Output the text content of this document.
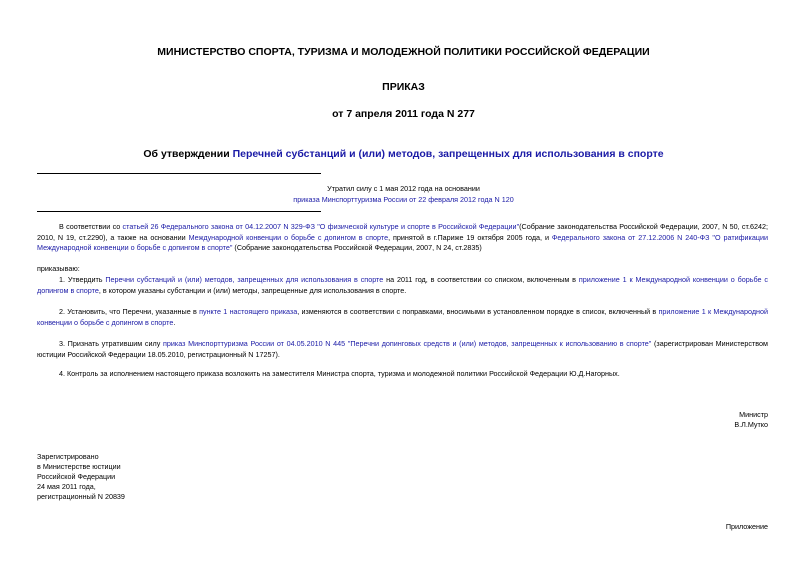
МИНИСТЕРСТВО СПОРТА, ТУРИЗМА И МОЛОДЕЖНОЙ ПОЛИТИКИ РОССИЙСКОЙ ФЕДЕРАЦИИ
ПРИКАЗ
от 7 апреля 2011 года N 277
Об утверждении Перечней субстанций и (или) методов, запрещенных для использования в спорте
Утратил силу с 1 мая 2012 года на основании
приказа Минспорттуризма России от 22 февраля 2012 года N 120
В соответствии со статьей 26 Федерального закона от 04.12.2007 N 329-ФЗ "О физической культуре и спорте в Российской Федерации"(Собрание законодательства Российской Федерации, 2007, N 50, ст.6242; 2010, N 19, ст.2290), а также на основании Международной конвенции о борьбе с допингом в спорте, принятой в г.Париже 19 октября 2005 года, и Федерального закона от 27.12.2006 N 240-ФЗ "О ратификации Международной конвенции о борьбе с допингом в спорте" (Собрание законодательства Российской Федерации, 2007, N 24, ст.2835)
приказываю:
1. Утвердить Перечни субстанций и (или) методов, запрещенных для использования в спорте на 2011 год, в соответствии со списком, включенным в приложение 1 к Международной конвенции о борьбе с допингом в спорте, в котором указаны субстанции и (или) методы, запрещенные для использования в спорте.
2. Установить, что Перечни, указанные в пункте 1 настоящего приказа, изменяются в соответствии с поправками, вносимыми в установленном порядке в список, включенный в приложение 1 к Международной конвенции о борьбе с допингом в спорте.
3. Признать утратившим силу приказ Минспорттуризма России от 04.05.2010 N 445 "Перечни допинговых средств и (или) методов, запрещенных к использованию в спорте" (зарегистрирован Министерством юстиции Российской Федерации 18.05.2010, регистрационный N 17257).
4. Контроль за исполнением настоящего приказа возложить на заместителя Министра спорта, туризма и молодежной политики Российской Федерации Ю.Д.Нагорных.
Министр
В.Л.Мутко
Зарегистрировано
в Министерстве юстиции
Российской Федерации
24 мая 2011 года,
регистрационный N 20839
Приложение
